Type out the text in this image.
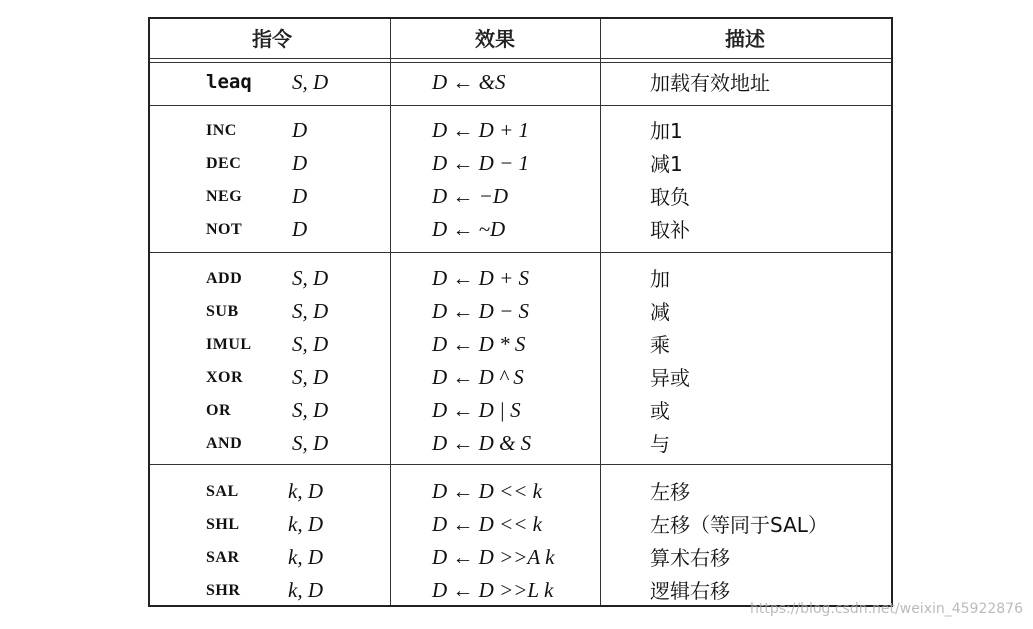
指令	效果	描述
leaq S, D	D ← &S	加载有效地址
INC	D	D ← D + 1	加1
DEC D	D ← D − 1	减1
NEG D	D ← −D	取负
NOT D	D ← ~D	取补
ADD S, D	D ← D + S	加
SUB	S, D	D ← D − S	减
IMUL S, D	D ← D * S	乘
XOR S, D	D ← D ^ S	异或
OR	S, D	D ← D | S	或
AND S, D	D ← D & S	与
SAL k, D	D ← D << k	左移
SHL k, D	D ← D << k	左移（等同于SAL）
SAR k, D	D ← D >>A k	算术右移
SHR k, D	D ← D >>L k	逻辑右移
https://blog.csdn.net/weixin_45922876
